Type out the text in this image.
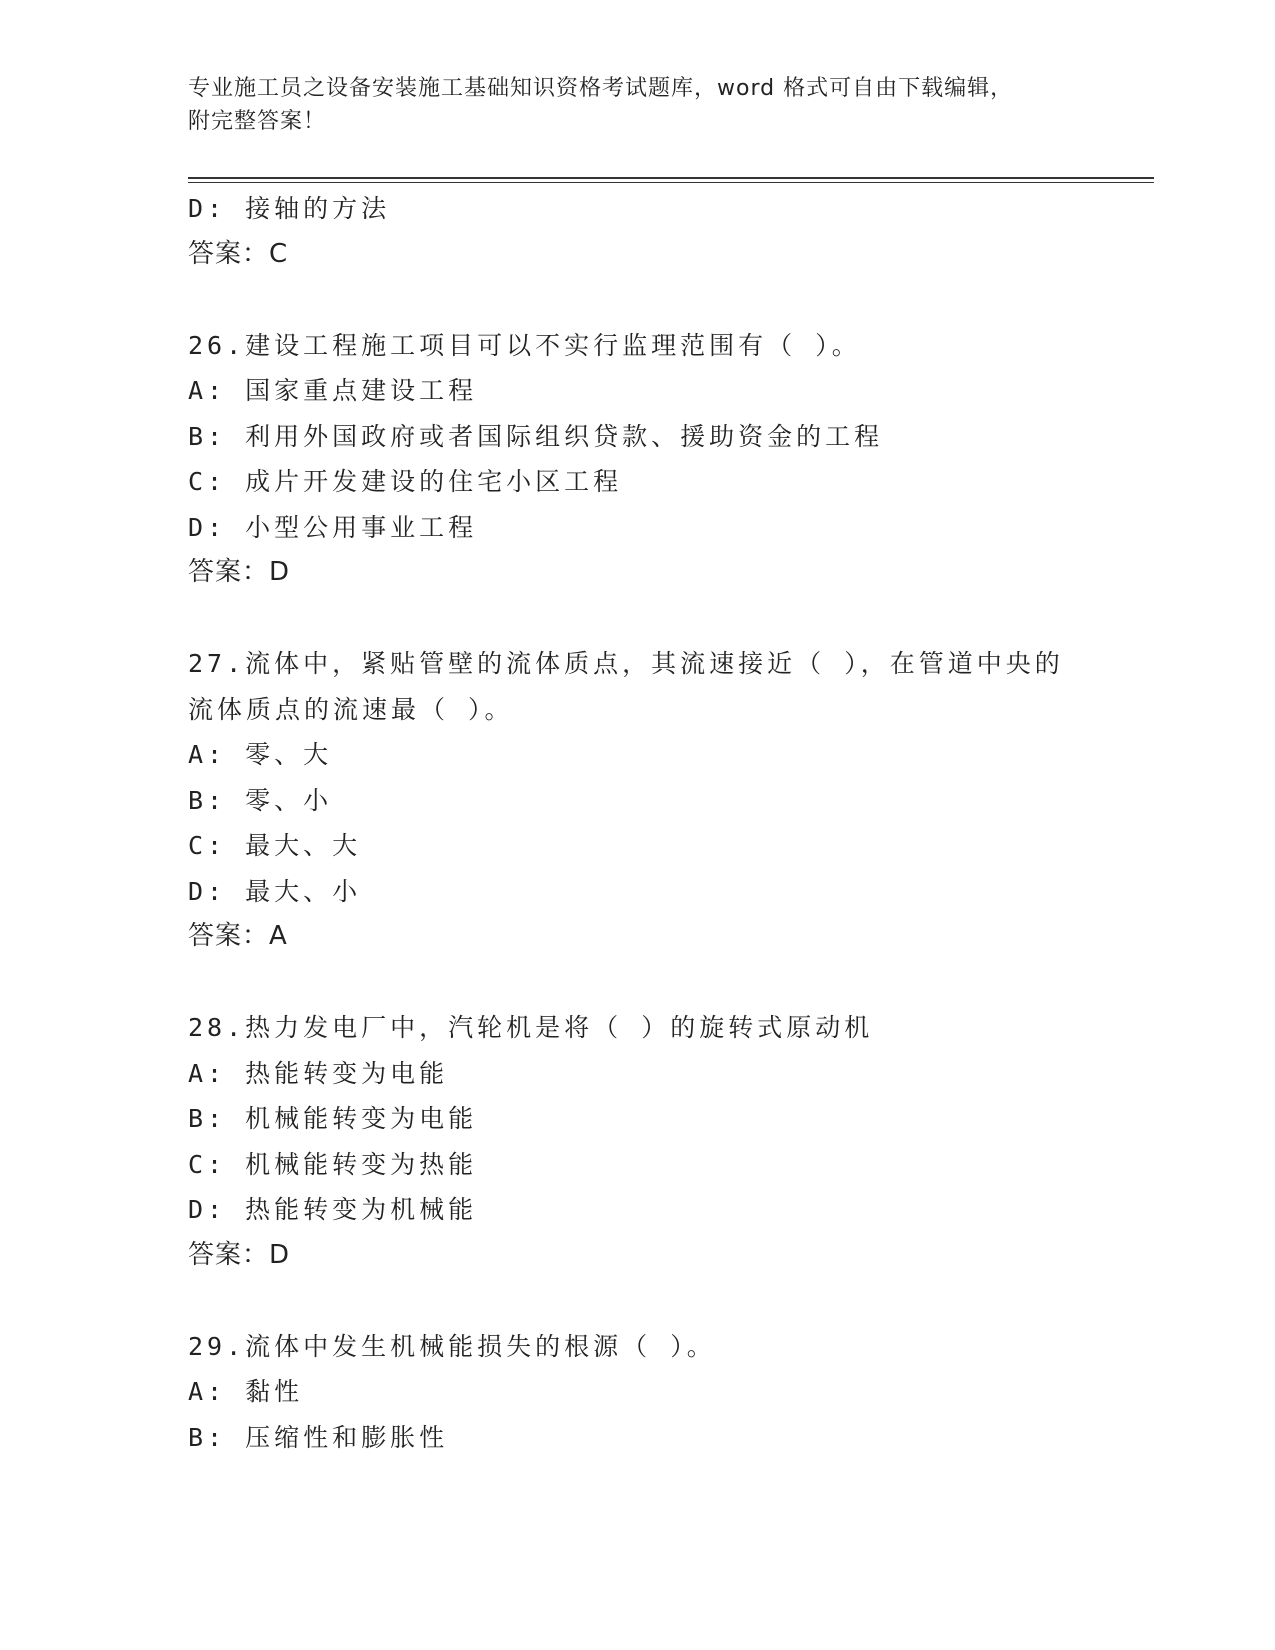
专业施工员之设备安装施工基础知识资格考试题库，word 格式可自由下载编辑，
附完整答案！
D: 接轴的方法
答案：C
26.建设工程施工项目可以不实行监理范围有（ ）。
A: 国家重点建设工程
B: 利用外国政府或者国际组织贷款、援助资金的工程
C: 成片开发建设的住宅小区工程
D: 小型公用事业工程
答案：D
27.流体中，紧贴管壁的流体质点，其流速接近（ ），在管道中央的
流体质点的流速最（ ）。
A: 零、大
B: 零、小
C: 最大、大
D: 最大、小
答案：A
28.热力发电厂中，汽轮机是将（ ）的旋转式原动机
A: 热能转变为电能
B: 机械能转变为电能
C: 机械能转变为热能
D: 热能转变为机械能
答案：D
29.流体中发生机械能损失的根源（ ）。
A: 黏性
B: 压缩性和膨胀性
